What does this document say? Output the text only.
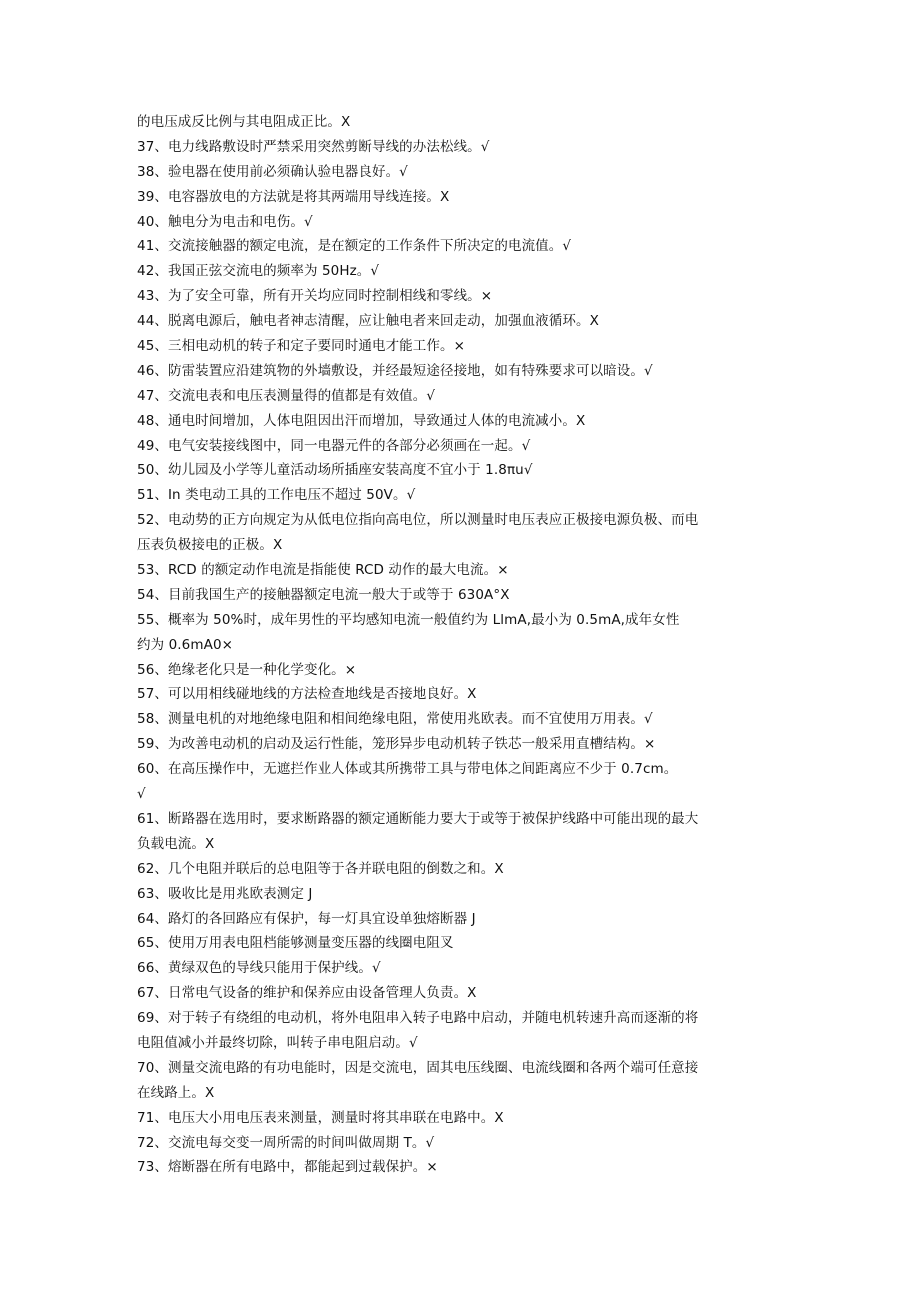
的电压成反比例与其电阻成正比。X
37、电力线路敷设时严禁采用突然剪断导线的办法松线。√
38、验电器在使用前必须确认验电器良好。√
39、电容器放电的方法就是将其两端用导线连接。X
40、触电分为电击和电伤。√
41、交流接触器的额定电流，是在额定的工作条件下所决定的电流值。√
42、我国正弦交流电的频率为 50Hz。√
43、为了安全可靠，所有开关均应同时控制相线和零线。×
44、脱离电源后，触电者神志清醒，应让触电者来回走动，加强血液循环。X
45、三相电动机的转子和定子要同时通电才能工作。×
46、防雷装置应沿建筑物的外墙敷设，并经最短途径接地，如有特殊要求可以暗设。√
47、交流电表和电压表测量得的值都是有效值。√
48、通电时间增加，人体电阻因出汗而增加，导致通过人体的电流减小。X
49、电气安装接线图中，同一电器元件的各部分必须画在一起。√
50、幼儿园及小学等儿童活动场所插座安装高度不宜小于 1.8πu√
51、In 类电动工具的工作电压不超过 50V。√
52、电动势的正方向规定为从低电位指向高电位，所以测量时电压表应正极接电源负极、而电
压表负极接电的正极。X
53、RCD 的额定动作电流是指能使 RCD 动作的最大电流。×
54、目前我国生产的接触器额定电流一般大于或等于 630A°X
55、概率为 50%时，成年男性的平均感知电流一般值约为 LlmA,最小为 0.5mA,成年女性
约为 0.6mA0×
56、绝缘老化只是一种化学变化。×
57、可以用相线碰地线的方法检查地线是否接地良好。X
58、测量电机的对地绝缘电阻和相间绝缘电阻，常使用兆欧表。而不宜使用万用表。√
59、为改善电动机的启动及运行性能，笼形异步电动机转子铁芯一般采用直槽结构。×
60、在高压操作中，无遮拦作业人体或其所携带工具与带电体之间距离应不少于 0.7cm。
√
61、断路器在选用时，要求断路器的额定通断能力要大于或等于被保护线路中可能出现的最大
负载电流。X
62、几个电阻并联后的总电阻等于各并联电阻的倒数之和。X
63、吸收比是用兆欧表测定 J
64、路灯的各回路应有保护，每一灯具宜设单独熔断器 J
65、使用万用表电阻档能够测量变压器的线圈电阻叉
66、黄绿双色的导线只能用于保护线。√
67、日常电气设备的维护和保养应由设备管理人负责。X
69、对于转子有绕组的电动机，将外电阻串入转子电路中启动，并随电机转速升高而逐渐的将
电阻值减小并最终切除，叫转子串电阻启动。√
70、测量交流电路的有功电能时，因是交流电，固其电压线圈、电流线圈和各两个端可任意接
在线路上。X
71、电压大小用电压表来测量，测量时将其串联在电路中。X
72、交流电每交变一周所需的时间叫做周期 T。√
73、熔断器在所有电路中，都能起到过载保护。×
